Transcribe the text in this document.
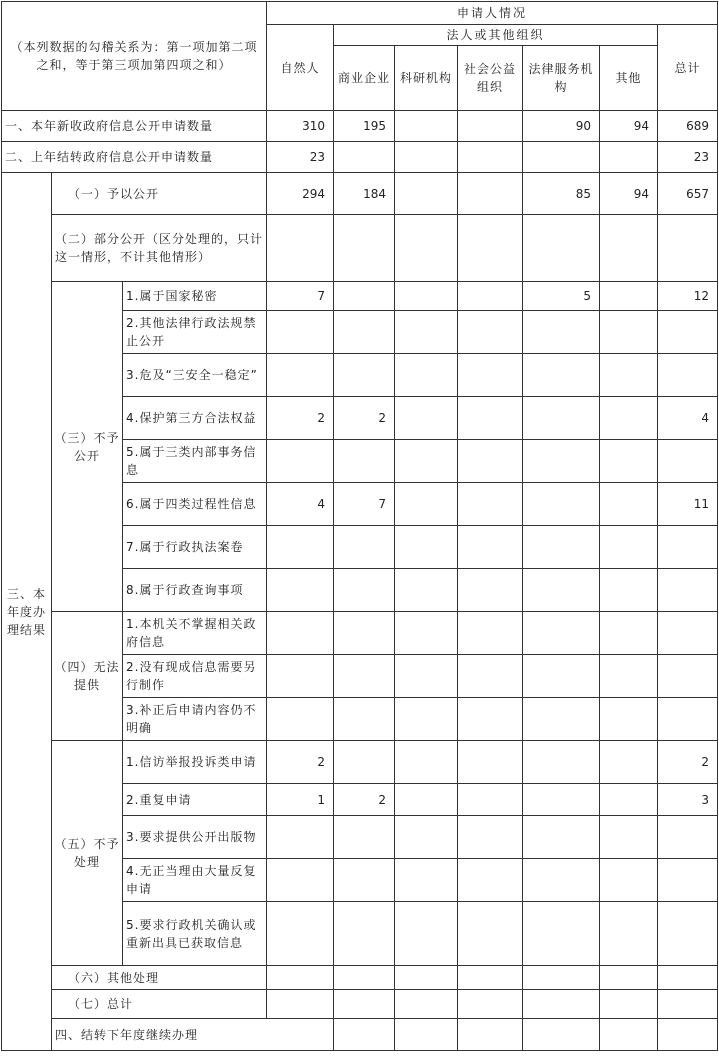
（本列数据的勾稽关系为：第一项加第二项之和，等于第三项加第四项之和）			申请人情况							
			自然人	法人或其他组织					总计	
				商业企业	科研机构	社会公益组织	法律服务机构	其他		
一、本年新收政府信息公开申请数量			310	195			90	94	689	
二、上年结转政府信息公开申请数量			23						23	
三、本年度办理结果	（一）予以公开		294	184			85	94	657	
	（二）部分公开（区分处理的，只计这一情形，不计其他情形）									
	（三）不予公开	1.属于国家秘密	7				5		12	
		2.其他法律行政法规禁止公开								
		3.危及“三安全一稳定”								
		4.保护第三方合法权益	2	2					4	
		5.属于三类内部事务信息								
		6.属于四类过程性信息	4	7					11	
		7.属于行政执法案卷								
		8.属于行政查询事项								
	（四）无法提供	1.本机关不掌握相关政府信息								
		2.没有现成信息需要另行制作								
		3.补正后申请内容仍不明确								
	（五）不予处理	1.信访举报投诉类申请	2						2	
		2.重复申请	1	2					3	
		3.要求提供公开出版物								
		4.无正当理由大量反复申请								
		5.要求行政机关确认或重新出具已获取信息								
	（六）其他处理									
	（七）总计									
	四、结转下年度继续办理									
